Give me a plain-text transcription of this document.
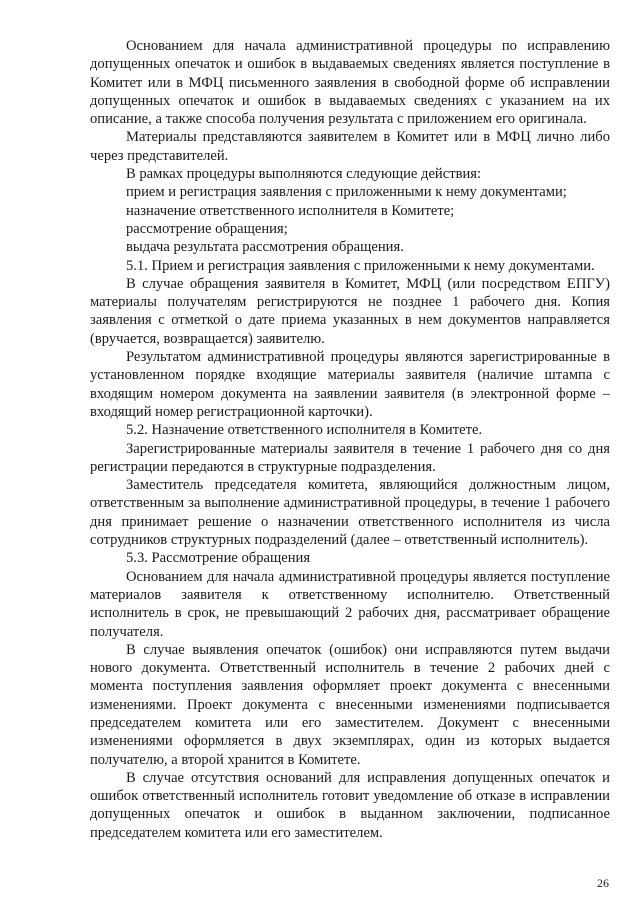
Основанием для начала административной процедуры по исправлению допущенных опечаток и ошибок в выдаваемых сведениях является поступление в Комитет или в МФЦ письменного заявления в свободной форме об исправлении допущенных опечаток и ошибок в выдаваемых сведениях с указанием на их описание, а также способа получения результата с приложением его оригинала.

Материалы представляются заявителем в Комитет или в МФЦ лично либо через представителей.

В рамках процедуры выполняются следующие действия:

прием и регистрация заявления с приложенными к нему документами;

назначение ответственного исполнителя в Комитете;

рассмотрение обращения;

выдача результата рассмотрения обращения.

5.1. Прием и регистрация заявления с приложенными к нему документами.

В случае обращения заявителя в Комитет, МФЦ (или посредством ЕПГУ) материалы получателям регистрируются не позднее 1 рабочего дня. Копия заявления с отметкой о дате приема указанных в нем документов направляется (вручается, возвращается) заявителю.

Результатом административной процедуры являются зарегистрированные в установленном порядке входящие материалы заявителя (наличие штампа с входящим номером документа на заявлении заявителя (в электронной форме – входящий номер регистрационной карточки).

5.2. Назначение ответственного исполнителя в Комитете.

Зарегистрированные материалы заявителя в течение 1 рабочего дня со дня регистрации передаются в структурные подразделения.

Заместитель председателя комитета, являющийся должностным лицом, ответственным за выполнение административной процедуры, в течение 1 рабочего дня принимает решение о назначении ответственного исполнителя из числа сотрудников структурных подразделений (далее – ответственный исполнитель).

5.3. Рассмотрение обращения

Основанием для начала административной процедуры является поступление материалов заявителя к ответственному исполнителю. Ответственный исполнитель в срок, не превышающий 2 рабочих дня, рассматривает обращение получателя.

В случае выявления опечаток (ошибок) они исправляются путем выдачи нового документа. Ответственный исполнитель в течение 2 рабочих дней с момента поступления заявления оформляет проект документа с внесенными изменениями. Проект документа с внесенными изменениями подписывается председателем комитета или его заместителем. Документ с внесенными изменениями оформляется в двух экземплярах, один из которых выдается получателю, а второй хранится в Комитете.

В случае отсутствия оснований для исправления допущенных опечаток и ошибок ответственный исполнитель готовит уведомление об отказе в исправлении допущенных опечаток и ошибок в выданном заключении, подписанное председателем комитета или его заместителем.

26
